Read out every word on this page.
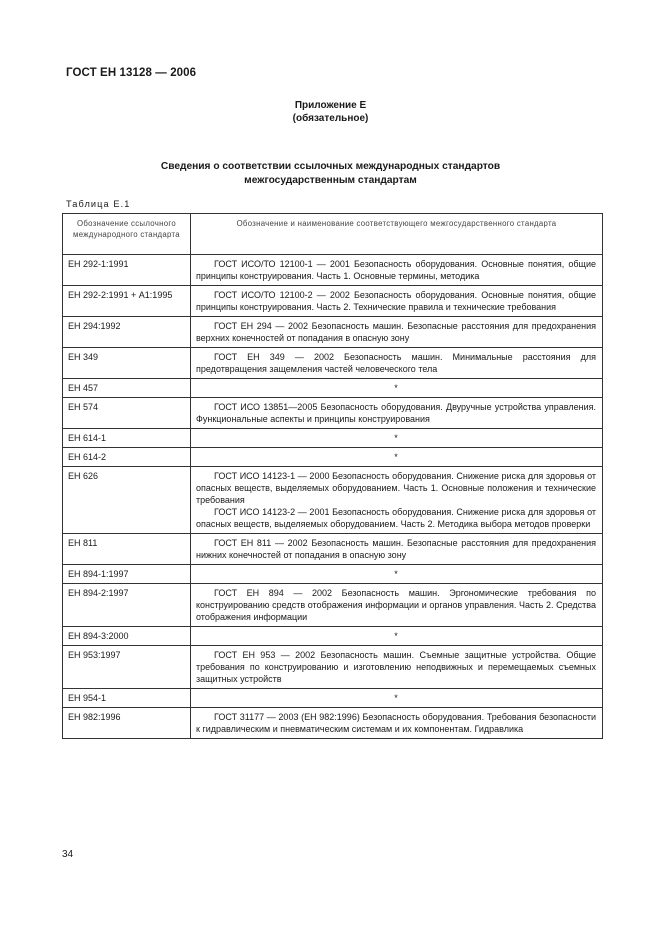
ГОСТ ЕН 13128 — 2006
Приложение Е
(обязательное)
Сведения о соответствии ссылочных международных стандартов
межгосударственным стандартам
Таблица Е.1
Обозначение ссылочного международного стандарта	Обозначение и наименование соответствующего межгосударственного стандарта
ЕН 292-1:1991	ГОСТ ИСО/ТО 12100-1 — 2001 Безопасность оборудования. Основные понятия, общие принципы конструирования. Часть 1. Основные термины, методика

ЕН 292-2:1991 + А1:1995	ГОСТ ИСО/ТО 12100-2 — 2002 Безопасность оборудования. Основные понятия, общие принципы конструирования. Часть 2. Технические правила и технические требования

ЕН 294:1992	ГОСТ ЕН 294 — 2002 Безопасность машин. Безопасные расстояния для предохранения верхних конечностей от попадания в опасную зону

ЕН 349	ГОСТ ЕН 349 — 2002 Безопасность машин. Минимальные расстояния для предотвращения защемления частей человеческого тела

ЕН 457	*
ЕН 574	ГОСТ ИСО 13851—2005 Безопасность оборудования. Двуручные устройства управления. Функциональные аспекты и принципы конструирования

ЕН 614-1	*
ЕН 614-2	*
ЕН 626	ГОСТ ИСО 14123-1 — 2000 Безопасность оборудования. Снижение риска для здоровья от опасных веществ, выделяемых оборудованием. Часть 1. Основные положения и технические требования
ГОСТ ИСО 14123-2 — 2001 Безопасность оборудования. Снижение риска для здоровья от опасных веществ, выделяемых оборудованием. Часть 2. Методика выбора методов проверки

ЕН 811	ГОСТ ЕН 811 — 2002 Безопасность машин. Безопасные расстояния для предохранения нижних конечностей от попадания в опасную зону

ЕН 894-1:1997	*
ЕН 894-2:1997	ГОСТ ЕН 894 — 2002 Безопасность машин. Эргономические требования по конструированию средств отображения информации и органов управления. Часть 2. Средства отображения информации

ЕН 894-3:2000	*
ЕН 953:1997	ГОСТ ЕН 953 — 2002 Безопасность машин. Съемные защитные устройства. Общие требования по конструированию и изготовлению неподвижных и перемещаемых съемных защитных устройств

ЕН 954-1	*
ЕН 982:1996	ГОСТ 31177 — 2003 (ЕН 982:1996) Безопасность оборудования. Требования безопасности к гидравлическим и пневматическим системам и их компонентам. Гидравлика
34
